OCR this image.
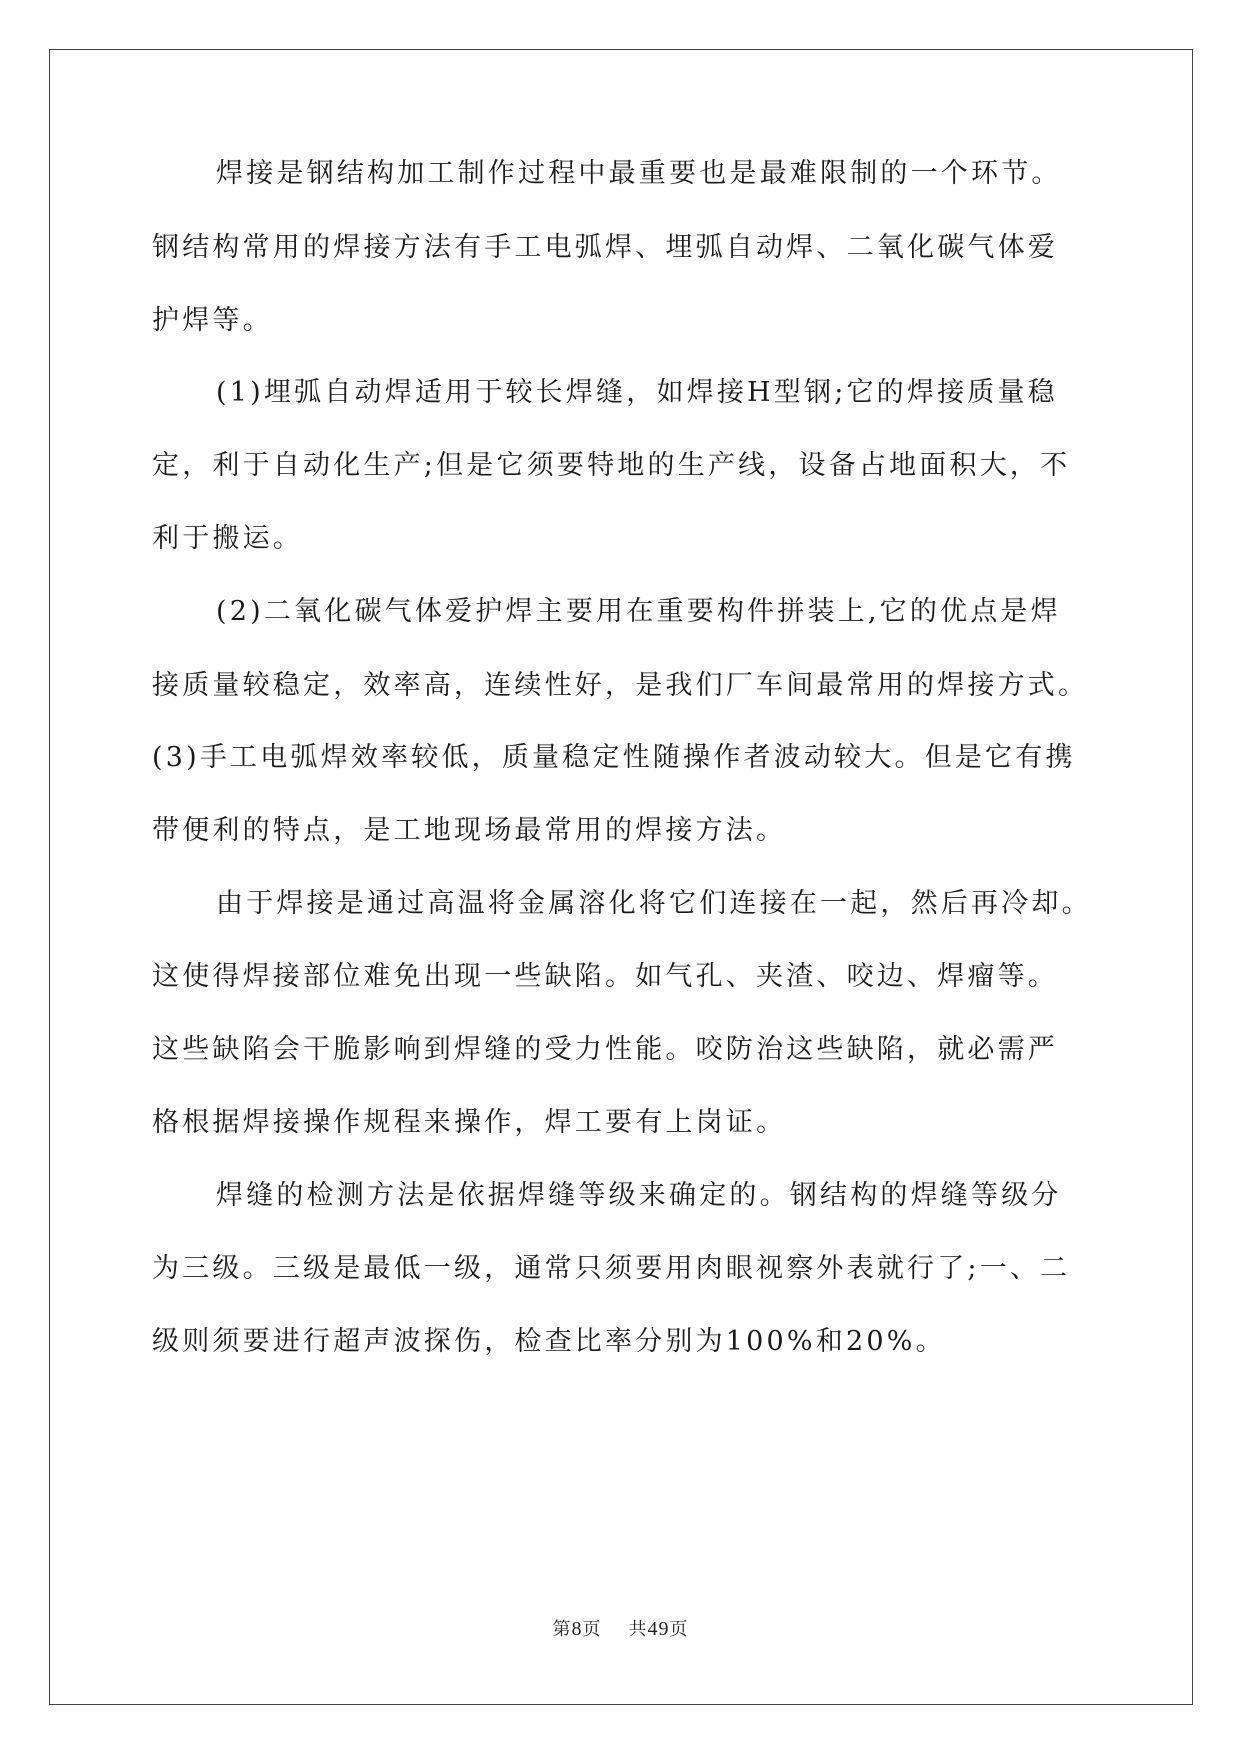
焊接是钢结构加工制作过程中最重要也是最难限制的一个环节。
钢结构常用的焊接方法有手工电弧焊、埋弧自动焊、二氧化碳气体爱
护焊等。
(1)埋弧自动焊适用于较长焊缝，如焊接H型钢;它的焊接质量稳
定，利于自动化生产;但是它须要特地的生产线，设备占地面积大，不
利于搬运。
(2)二氧化碳气体爱护焊主要用在重要构件拼装上,它的优点是焊
接质量较稳定，效率高，连续性好，是我们厂车间最常用的焊接方式。
(3)手工电弧焊效率较低，质量稳定性随操作者波动较大。但是它有携
带便利的特点，是工地现场最常用的焊接方法。
由于焊接是通过高温将金属溶化将它们连接在一起，然后再冷却。
这使得焊接部位难免出现一些缺陷。如气孔、夹渣、咬边、焊瘤等。
这些缺陷会干脆影响到焊缝的受力性能。咬防治这些缺陷，就必需严
格根据焊接操作规程来操作，焊工要有上岗证。
焊缝的检测方法是依据焊缝等级来确定的。钢结构的焊缝等级分
为三级。三级是最低一级，通常只须要用肉眼视察外表就行了;一、二
级则须要进行超声波探伤，检查比率分别为100%和20%。
第8页 共49页
